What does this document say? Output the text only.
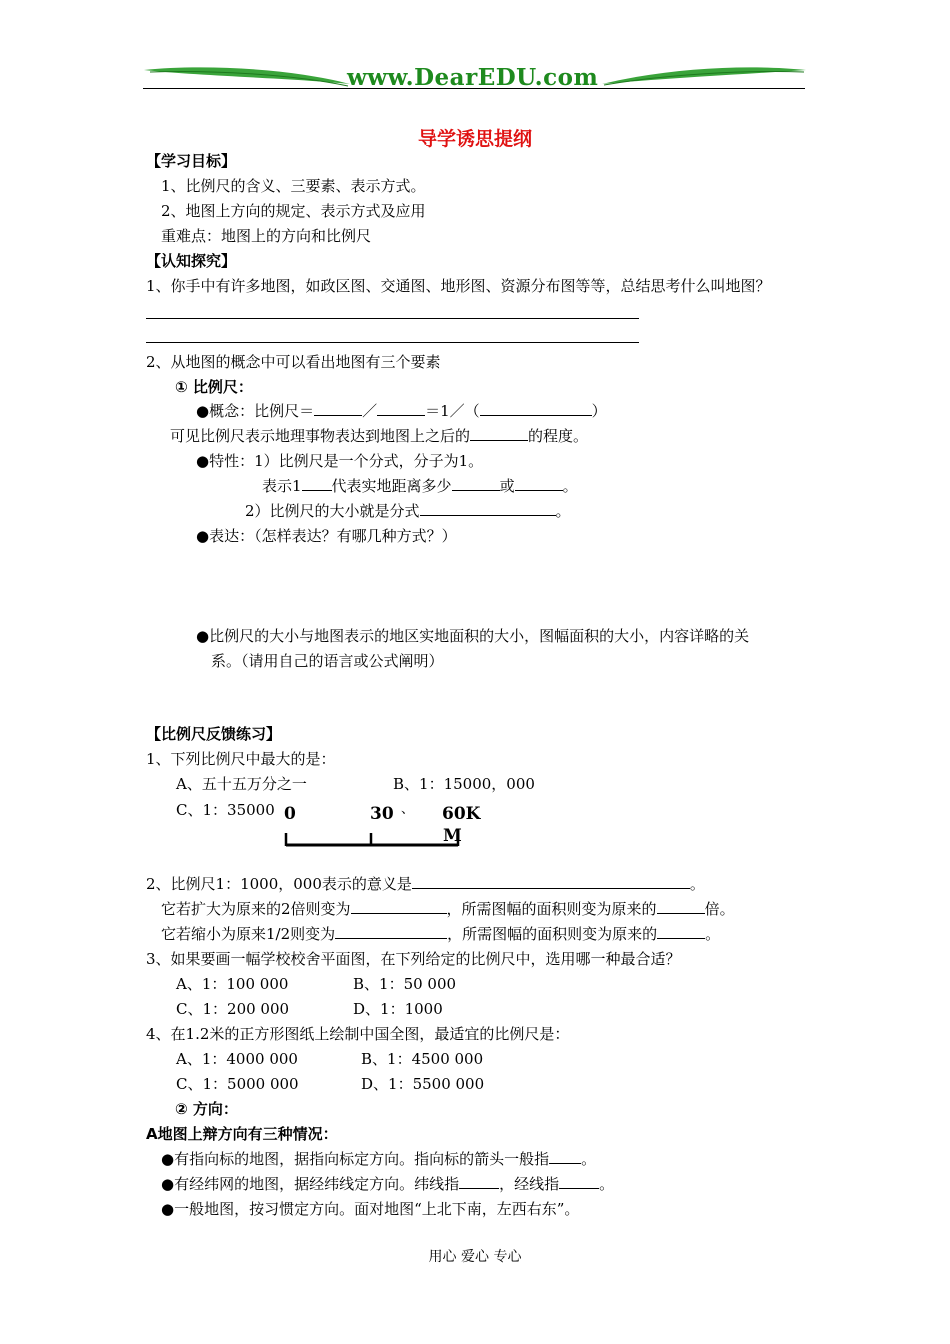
www.DearEDU.com
导学诱思提纲
【学习目标】
1、比例尺的含义、三要素、表示方式。
2、地图上方向的规定、表示方式及应用
重难点：地图上的方向和比例尺
【认知探究】
1、你手中有许多地图，如政区图、交通图、地形图、资源分布图等等，总结思考什么叫地图？
2、从地图的概念中可以看出地图有三个要素
① 比例尺：
●概念：比例尺＝	／	＝1／（	）
可见比例尺表示地理事物表达到地图上之后的	的程度。
●特性：1）比例尺是一个分式，分子为1。
表示1 代表实地距离多少	或	。
2）比例尺的大小就是分式	。
●表达：（怎样表达？有哪几种方式？）
●比例尺的大小与地图表示的地区实地面积的大小，图幅面积的大小，内容详略的关
系。（请用自己的语言或公式阐明）
【比例尺反馈练习】
1、下列比例尺中最大的是：
A、五十五万分之一	B、1：15000，000
C、1：35000 0	30 、 60K
M
2、比例尺1：1000，000表示的意义是	。
它若扩大为原来的2倍则变为	，所需图幅的面积则变为原来的	倍。
它若缩小为原来1/2则变为	，所需图幅的面积则变为原来的	。
3、如果要画一幅学校校舍平面图，在下列给定的比例尺中，选用哪一种最合适？
A、1：100 000	B、1：50 000
C、1：200 000	D、1：1000
4、在1.2米的正方形图纸上绘制中国全图，最适宜的比例尺是：
A、1：4000 000	B、1：4500 000
C、1：5000 000	D、1：5500 000
② 方向：
A地图上辩方向有三种情况：
●有指向标的地图，据指向标定方向。指向标的箭头一般指 。
●有经纬网的地图，据经纬线定方向。纬线指	，经线指	。
●一般地图，按习惯定方向。面对地图“上北下南，左西右东”。
用心 爱心 专心
